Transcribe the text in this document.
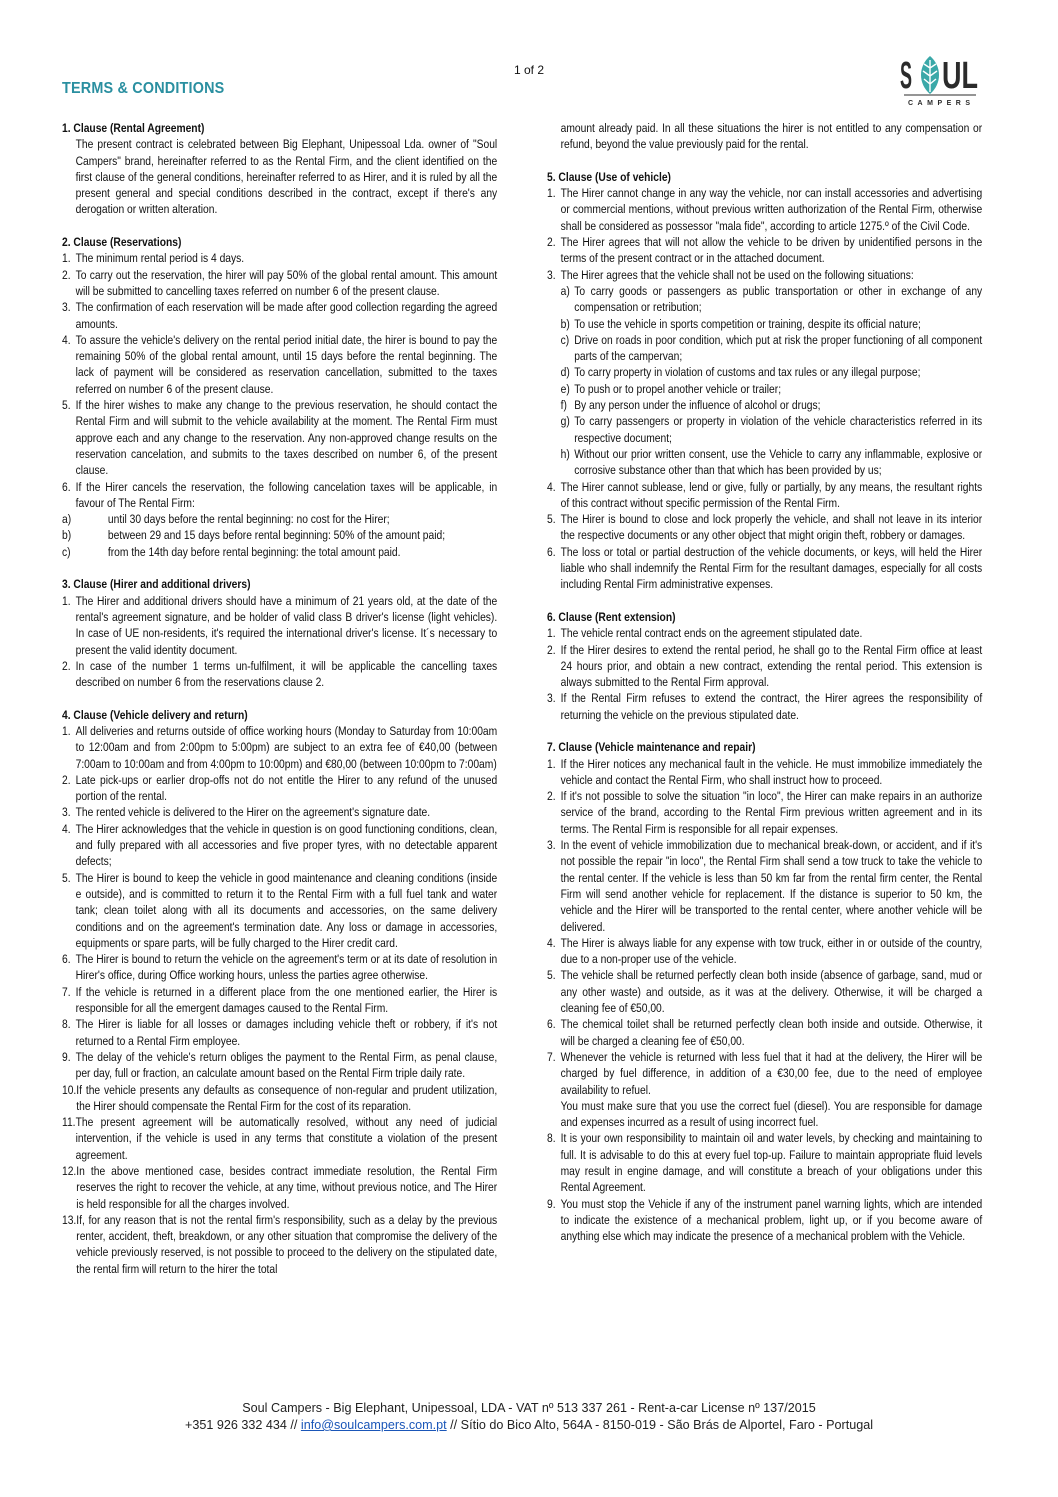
1 of 2
TERMS & CONDITIONS	S UL
CAMPERS
1. Clause (Rental Agreement)
The present contract is celebrated between Big Elephant, Unipessoal Lda. owner of "Soul Campers" brand, hereinafter referred to as the Rental Firm, and the client identified on the first clause of the general conditions, hereinafter referred to as Hirer, and it is ruled by all the present general and special conditions described in the contract, except if there's any derogation or written alteration.
2. Clause (Reservations)
1. The minimum rental period is 4 days.
2. To carry out the reservation, the hirer will pay 50% of the global rental amount. This amount will be submitted to cancelling taxes referred on number 6 of the present clause.
3. The confirmation of each reservation will be made after good collection regarding the agreed amounts.
4. To assure the vehicle's delivery on the rental period initial date, the hirer is bound to pay the remaining 50% of the global rental amount, until 15 days before the rental beginning. The lack of payment will be considered as reservation cancellation, submitted to the taxes referred on number 6 of the present clause.
5. If the hirer wishes to make any change to the previous reservation, he should contact the Rental Firm and will submit to the vehicle availability at the moment. The Rental Firm must approve each and any change to the reservation. Any non-approved change results on the reservation cancelation, and submits to the taxes described on number 6, of the present clause.
6. If the Hirer cancels the reservation, the following cancelation taxes will be applicable, in favour of The Rental Firm:
a)	until 30 days before the rental beginning: no cost for the Hirer;
b)	between 29 and 15 days before rental beginning: 50% of the amount paid;
c)	from the 14th day before rental beginning: the total amount paid.
3. Clause (Hirer and additional drivers)
1. The Hirer and additional drivers should have a minimum of 21 years old, at the date of the rental's agreement signature, and be holder of valid class B driver's license (light vehicles). In case of UE non-residents, it's required the international driver's license. It´s necessary to present the valid identity document.
2. In case of the number 1 terms un-fulfilment, it will be applicable the cancelling taxes described on number 6 from the reservations clause 2.
4. Clause (Vehicle delivery and return)
1. All deliveries and returns outside of office working hours (Monday to Saturday from 10:00am to 12:00am and from 2:00pm to 5:00pm) are subject to an extra fee of €40,00 (between 7:00am to 10:00am and from 4:00pm to 10:00pm) and €80,00 (between 10:00pm to 7:00am)
2. Late pick-ups or earlier drop-offs not do not entitle the Hirer to any refund of the unused portion of the rental.
3. The rented vehicle is delivered to the Hirer on the agreement's signature date.
4. The Hirer acknowledges that the vehicle in question is on good functioning conditions, clean, and fully prepared with all accessories and five proper tyres, with no detectable apparent defects;
5. The Hirer is bound to keep the vehicle in good maintenance and cleaning conditions (inside e outside), and is committed to return it to the Rental Firm with a full fuel tank and water tank; clean toilet along with all its documents and accessories, on the same delivery conditions and on the agreement's termination date. Any loss or damage in accessories, equipments or spare parts, will be fully charged to the Hirer credit card.
6. The Hirer is bound to return the vehicle on the agreement's term or at its date of resolution in Hirer's office, during Office working hours, unless the parties agree otherwise.
7. If the vehicle is returned in a different place from the one mentioned earlier, the Hirer is responsible for all the emergent damages caused to the Rental Firm.
8. The Hirer is liable for all losses or damages including vehicle theft or robbery, if it's not returned to a Rental Firm employee.
9. The delay of the vehicle's return obliges the payment to the Rental Firm, as penal clause, per day, full or fraction, an calculate amount based on the Rental Firm triple daily rate.
10. If the vehicle presents any defaults as consequence of non-regular and prudent utilization, the Hirer should compensate the Rental Firm for the cost of its reparation.
11. The present agreement will be automatically resolved, without any need of judicial intervention, if the vehicle is used in any terms that constitute a violation of the present agreement.
12. In the above mentioned case, besides contract immediate resolution, the Rental Firm reserves the right to recover the vehicle, at any time, without previous notice, and The Hirer is held responsible for all the charges involved.
13. If, for any reason that is not the rental firm's responsibility, such as a delay by the previous renter, accident, theft, breakdown, or any other situation that compromise the delivery of the vehicle previously reserved, is not possible to proceed to the delivery on the stipulated date, the rental firm will return to the hirer the total
amount already paid. In all these situations the hirer is not entitled to any compensation or refund, beyond the value previously paid for the rental.
5. Clause (Use of vehicle)
1. The Hirer cannot change in any way the vehicle, nor can install accessories and advertising or commercial mentions, without previous written authorization of the Rental Firm, otherwise shall be considered as possessor "mala fide", according to article 1275.º of the Civil Code.
2. The Hirer agrees that will not allow the vehicle to be driven by unidentified persons in the terms of the present contract or in the attached document.
3. The Hirer agrees that the vehicle shall not be used on the following situations:
a) To carry goods or passengers as public transportation or other in exchange of any compensation or retribution;
b) To use the vehicle in sports competition or training, despite its official nature;
c) Drive on roads in poor condition, which put at risk the proper functioning of all component parts of the campervan;
d) To carry property in violation of customs and tax rules or any illegal purpose;
e) To push or to propel another vehicle or trailer;
f) By any person under the influence of alcohol or drugs;
g) To carry passengers or property in violation of the vehicle characteristics referred in its respective document;
h) Without our prior written consent, use the Vehicle to carry any inflammable, explosive or corrosive substance other than that which has been provided by us;
4. The Hirer cannot sublease, lend or give, fully or partially, by any means, the resultant rights of this contract without specific permission of the Rental Firm.
5. The Hirer is bound to close and lock properly the vehicle, and shall not leave in its interior the respective documents or any other object that might origin theft, robbery or damages.
6. The loss or total or partial destruction of the vehicle documents, or keys, will held the Hirer liable who shall indemnify the Rental Firm for the resultant damages, especially for all costs including Rental Firm administrative expenses.
6. Clause (Rent extension)
1. The vehicle rental contract ends on the agreement stipulated date.
2. If the Hirer desires to extend the rental period, he shall go to the Rental Firm office at least 24 hours prior, and obtain a new contract, extending the rental period. This extension is always submitted to the Rental Firm approval.
3. If the Rental Firm refuses to extend the contract, the Hirer agrees the responsibility of returning the vehicle on the previous stipulated date.
7. Clause (Vehicle maintenance and repair)
1. If the Hirer notices any mechanical fault in the vehicle. He must immobilize immediately the vehicle and contact the Rental Firm, who shall instruct how to proceed.
2. If it's not possible to solve the situation "in loco", the Hirer can make repairs in an authorize service of the brand, according to the Rental Firm previous written agreement and in its terms. The Rental Firm is responsible for all repair expenses.
3. In the event of vehicle immobilization due to mechanical break-down, or accident, and if it's not possible the repair "in loco", the Rental Firm shall send a tow truck to take the vehicle to the rental center. If the vehicle is less than 50 km far from the rental firm center, the Rental Firm will send another vehicle for replacement. If the distance is superior to 50 km, the vehicle and the Hirer will be transported to the rental center, where another vehicle will be delivered.
4. The Hirer is always liable for any expense with tow truck, either in or outside of the country, due to a non-proper use of the vehicle.
5. The vehicle shall be returned perfectly clean both inside (absence of garbage, sand, mud or any other waste) and outside, as it was at the delivery. Otherwise, it will be charged a cleaning fee of €50,00.
6. The chemical toilet shall be returned perfectly clean both inside and outside. Otherwise, it will be charged a cleaning fee of €50,00.
7. Whenever the vehicle is returned with less fuel that it had at the delivery, the Hirer will be charged by fuel difference, in addition of a €30,00 fee, due to the need of employee availability to refuel.
You must make sure that you use the correct fuel (diesel). You are responsible for damage and expenses incurred as a result of using incorrect fuel.
8. It is your own responsibility to maintain oil and water levels, by checking and maintaining to full. It is advisable to do this at every fuel top-up. Failure to maintain appropriate fluid levels may result in engine damage, and will constitute a breach of your obligations under this Rental Agreement.
9. You must stop the Vehicle if any of the instrument panel warning lights, which are intended to indicate the existence of a mechanical problem, light up, or if you become aware of anything else which may indicate the presence of a mechanical problem with the Vehicle.
Soul Campers - Big Elephant, Unipessoal, LDA - VAT nº 513 337 261 - Rent-a-car License nº 137/2015
+351 926 332 434 // info@soulcampers.com.pt // Sítio do Bico Alto, 564A - 8150-019 - São Brás de Alportel, Faro - Portugal
